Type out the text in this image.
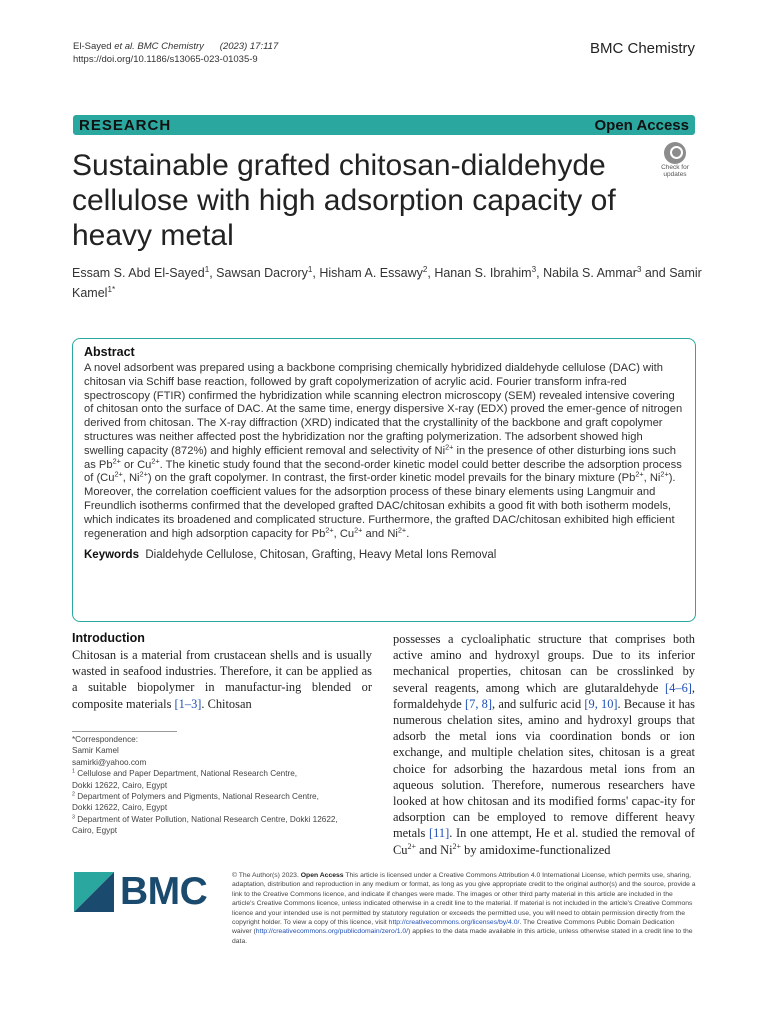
El-Sayed et al. BMC Chemistry (2023) 17:117
https://doi.org/10.1186/s13065-023-01035-9
BMC Chemistry
RESEARCH	Open Access
Sustainable grafted chitosan-dialdehyde cellulose with high adsorption capacity of heavy metal
Check for
updates
Essam S. Abd El-Sayed$^1$, Sawsan Dacrory$^1$, Hisham A. Essawy$^2$, Hanan S. Ibrahim$^3$, Nabila S. Ammar$^3$ and Samir Kamel$^{1*}$
Abstract

A novel adsorbent was prepared using a backbone comprising chemically hybridized dialdehyde cellulose (DAC) with chitosan via Schiff base reaction, followed by graft copolymerization of acrylic acid. Fourier transform infra-red spectroscopy (FTIR) confirmed the hybridization while scanning electron microscopy (SEM) revealed intensive covering of chitosan onto the surface of DAC. At the same time, energy dispersive X-ray (EDX) proved the emer-gence of nitrogen derived from chitosan. The X-ray diffraction (XRD) indicated that the crystallinity of the backbone and graft copolymer structures was neither affected post the hybridization nor the grafting polymerization. The adsorbent showed high swelling capacity (872%) and highly efficient removal and selectivity of $Ni^{2+}$ in the presence of other disturbing ions such as $Pb^{2+}$ or $Cu^{2+}$. The kinetic study found that the second-order kinetic model could better describe the adsorption process of ($Cu^{2+}$, $Ni^{2+}$) on the graft copolymer. In contrast, the first-order kinetic model prevails for the binary mixture ($Pb^{2+}$, $Ni^{2+}$). Moreover, the correlation coefficient values for the adsorption process of these binary elements using Langmuir and Freundlich isotherms confirmed that the developed grafted DAC/chitosan exhibits a good fit with both isotherm models, which indicates its broadened and complicated structure. Furthermore, the grafted DAC/chitosan exhibited high efficient regeneration and high adsorption capacity for $Pb^{2+}$, $Cu^{2+}$ and $Ni^{2+}$.

Keywords Dialdehyde Cellulose, Chitosan, Grafting, Heavy Metal Ions Removal
Introduction
Chitosan is a material from crustacean shells and is usually wasted in seafood industries. Therefore, it can be applied as a suitable biopolymer in manufactur-ing blended or composite materials [1–3]. Chitosan
*Correspondence:
Samir Kamel
samirki@yahoo.com
$^1$ Cellulose and Paper Department, National Research Centre,
Dokki 12622, Cairo, Egypt
$^2$ Department of Polymers and Pigments, National Research Centre,
Dokki 12622, Cairo, Egypt
$^3$ Department of Water Pollution, National Research Centre, Dokki 12622,
Cairo, Egypt
possesses a cycloaliphatic structure that comprises both active amino and hydroxyl groups. Due to its inferior mechanical properties, chitosan can be crosslinked by several reagents, among which are glutaraldehyde [4–6], formaldehyde [7, 8], and sulfuric acid [9, 10]. Because it has numerous chelation sites, amino and hydroxyl groups that adsorb the metal ions via coordination bonds or ion exchange, and multiple chelation sites, chitosan is a great choice for adsorbing the hazardous metal ions from an aqueous solution. Therefore, numerous researchers have looked at how chitosan and its modified forms' capac-ity for adsorption can be employed to remove different heavy metals [11]. In one attempt, He et al. studied the removal of $Cu^{2+}$ and $Ni^{2+}$ by amidoxime-functionalized
BMC	© The Author(s) 2023. Open Access This article is licensed under a Creative Commons Attribution 4.0 International License, which permits use, sharing, adaptation, distribution and reproduction in any medium or format, as long as you give appropriate credit to the original author(s) and the source, provide a link to the Creative Commons licence, and indicate if changes were made. The images or other third party material in this article are included in the article's Creative Commons licence, unless indicated otherwise in a credit line to the material. If material is not included in the article's Creative Commons licence and your intended use is not permitted by statutory regulation or exceeds the permitted use, you will need to obtain permission directly from the copyright holder. To view a copy of this licence, visit http://creativecommons.org/licenses/by/4.0/. The Creative Commons Public Domain Dedication waiver (http://creativecommons.org/publicdomain/zero/1.0/) applies to the data made available in this article, unless otherwise stated in a credit line to the data.
